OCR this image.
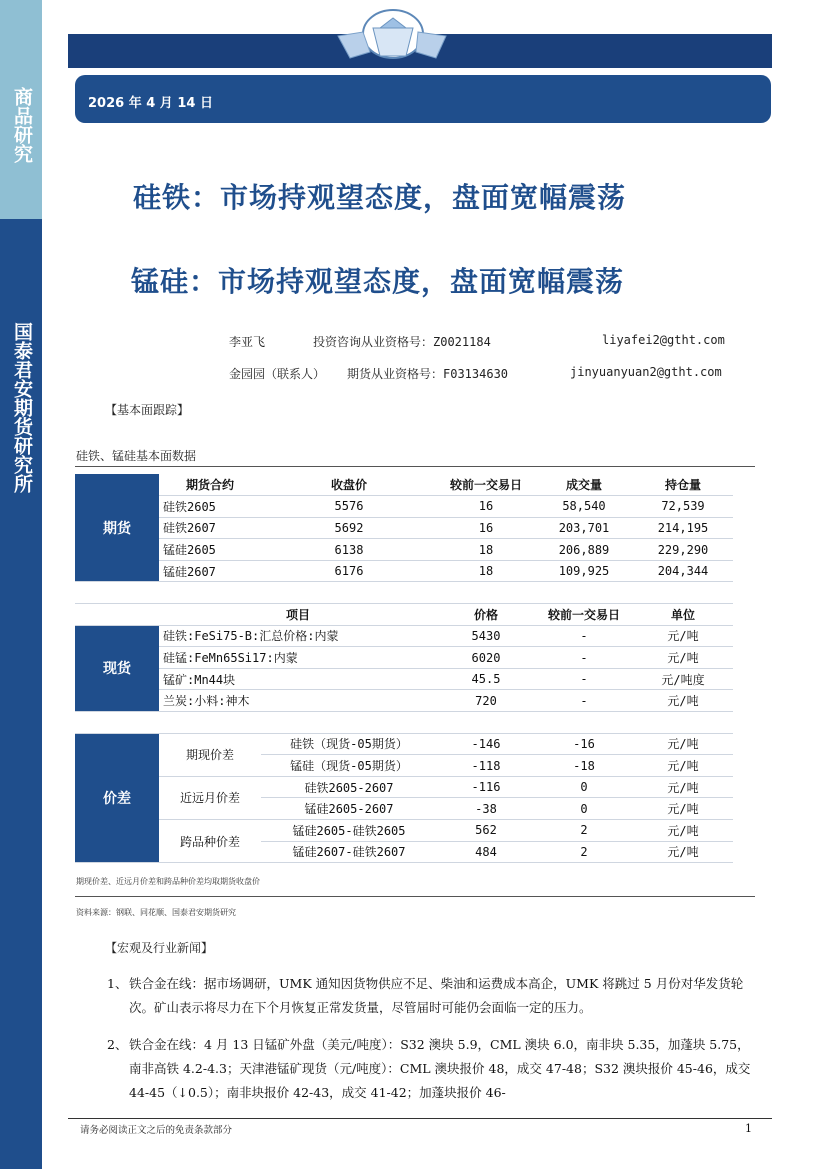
商品研究
国泰君安期货研究所
2026 年 4 月 14 日
硅铁：市场持观望态度，盘面宽幅震荡
锰硅：市场持观望态度，盘面宽幅震荡
李亚飞	投资咨询从业资格号：Z0021184	liyafei2@gtht.com
金园园（联系人） 期货从业资格号：F03134630	jinyuanyuan2@gtht.com
【基本面跟踪】
硅铁、锰硅基本面数据
期货	期货合约	收盘价	较前一交易日	成交量	持仓量
	硅铁2605	5576	16	58,540	72,539
	硅铁2607	5692	16	203,701	214,195
	锰硅2605	6138	18	206,889	229,290
	锰硅2607	6176	18	109,925	204,344

	项目		价格	较前一交易日	单位
现货	硅铁:FeSi75-B:汇总价格:内蒙		5430	-	元/吨
	硅锰:FeMn65Si17:内蒙		6020	-	元/吨
	锰矿:Mn44块		45.5	-	元/吨度
	兰炭:小料:神木		720	-	元/吨

价差	期现价差	硅铁（现货-05期货）	-146	-16	元/吨
		锰硅（现货-05期货）	-118	-18	元/吨
	近远月价差	硅铁2605-2607	-116	0	元/吨
		锰硅2605-2607	-38	0	元/吨
	跨品种价差	锰硅2605-硅铁2605	562	2	元/吨
		锰硅2607-硅铁2607	484	2	元/吨
期现价差、近远月价差和跨品种价差均取期货收盘价
资料来源：钢联、同花顺、国泰君安期货研究
【宏观及行业新闻】
1、 铁合金在线：据市场调研，UMK 通知因货物供应不足、柴油和运费成本高企，UMK 将跳过 5 月份对华发货轮次。矿山表示将尽力在下个月恢复正常发货量，尽管届时可能仍会面临一定的压力。
2、 铁合金在线：4 月 13 日锰矿外盘（美元/吨度）：S32 澳块 5.9，CML 澳块 6.0，南非块 5.35，加蓬块 5.75，南非高铁 4.2-4.3；天津港锰矿现货（元/吨度）：CML 澳块报价 48，成交 47-48；S32 澳块报价 45-46，成交 44-45（↓0.5）；南非块报价 42-43，成交 41-42；加蓬块报价 46-
请务必阅读正文之后的免责条款部分	1
